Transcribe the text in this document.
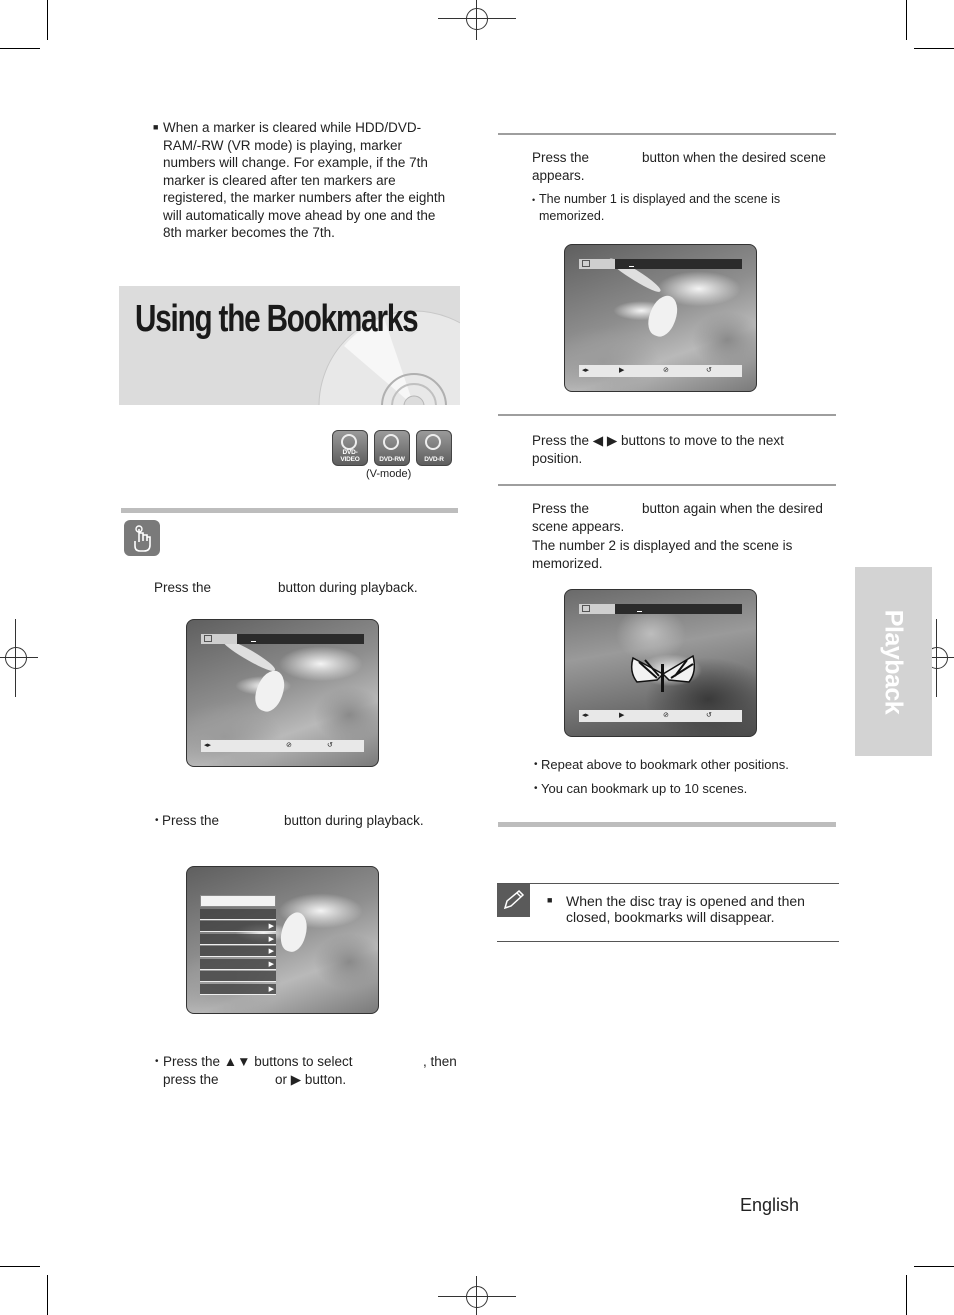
■ When a marker is cleared while HDD/DVD-RAM/-RW (VR mode) is playing, marker numbers will change. For example, if the 7th marker is cleared after ten markers are registered, the marker numbers after the eighth will automatically move ahead by one and the 8th marker becomes the 7th.
Using the Bookmarks
DVD-VIDEO	DVD-RW	DVD-R
(V-mode)
Press the	button during playback.
◂▸	⊘	↺
• Press the	button during playback.
▶
▶
▶
▶
▶
• Press the ▲▼ buttons to select	, then
press the	or ▶ button.
Press the	button when the desired scene
appears.
• The number 1 is displayed and the scene is
memorized.
◂▸	▶	⊘	↺
Press the ◀ ▶ buttons to move to the next
position.
Press the	button again when the desired
scene appears.
The number 2 is displayed and the scene is
memorized.
◂▸	▶	⊘	↺
• Repeat above to bookmark other positions.
• You can bookmark up to 10 scenes.
■ When the disc tray is opened and then closed, bookmarks will disappear.
Playback
English
